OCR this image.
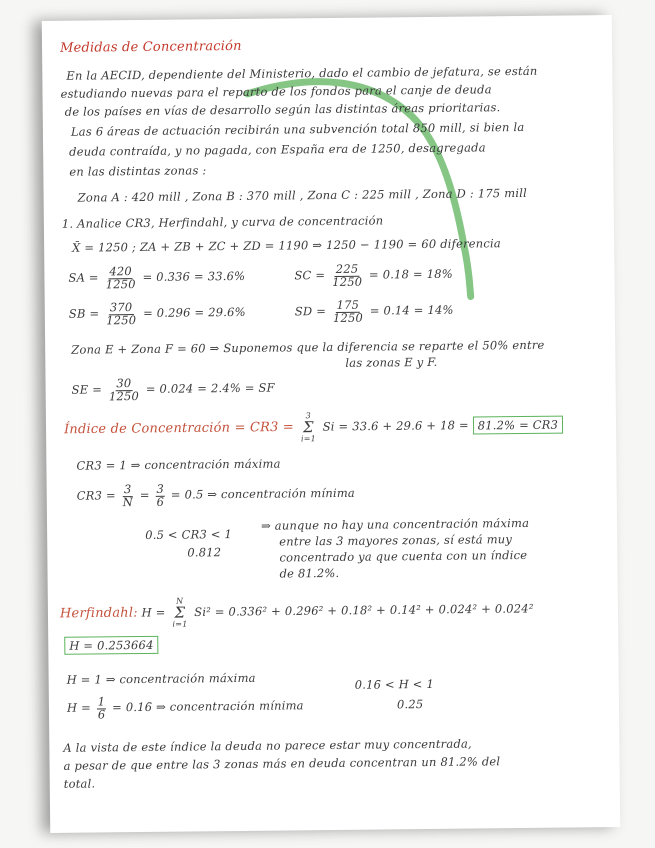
Medidas de Concentración
En la AECID, dependiente del Ministerio, dado el cambio de jefatura, se están
estudiando nuevas para el reparto de los fondos para el canje de deuda
de los países en vías de desarrollo según las distintas áreas prioritarias.
Las 6 áreas de actuación recibirán una subvención total 850 mill, si bien la
deuda contraída, y no pagada, con España era de 1250, desagregada
en las distintas zonas :
Zona A : 420 mill , Zona B : 370 mill , Zona C : 225 mill , Zona D : 175 mill
1. Analice CR3, Herfindahl, y curva de concentración
X̄ = 1250 ; ZA + ZB + ZC + ZD = 1190 ⇒ 1250 − 1190 = 60 diferencia
SA = $\frac{420}{1250} = 0.336 = 33.6\%$	SC = $\frac{225}{1250} = 0.18 = 18\%$
SB = $\frac{370}{1250} = 0.296 = 29.6\%$	SD = $\frac{175}{1250} = 0.14 = 14\%$
Zona E + Zona F = 60 ⇒ Suponemos que la diferencia se reparte el 50% entre
las zonas E y F.
SE = $\frac{30}{1250} = 0.024 = 2.4\%$ = SF
Índice de Concentración = CR3 =
3
Σ
i=1
Si = 33.6 + 29.6 + 18 = 81.2% = CR3
CR3 = 1 ⇒ concentración máxima
$CR3 = \frac{3}{N} = \frac{3}{6} = 0.5$ ⇒ concentración mínima
0.5 < CR3 < 1
0.812
⇒ aunque no hay una concentración máxima
entre las 3 mayores zonas, sí está muy
concentrado ya que cuenta con un índice
de 81.2%.
Herfindahl: H =
N
Σ
i=1
Si² = 0.336² + 0.296² + 0.18² + 0.14² + 0.024² + 0.024²
H = 0.253664
H = 1 ⇒ concentración máxima
$H = \frac{1}{6}$ = 0.16̄ ⇒ concentración mínima
0.16̄ < H < 1
0.25
A la vista de este índice la deuda no parece estar muy concentrada,
a pesar de que entre las 3 zonas más en deuda concentran un 81.2% del
total.
